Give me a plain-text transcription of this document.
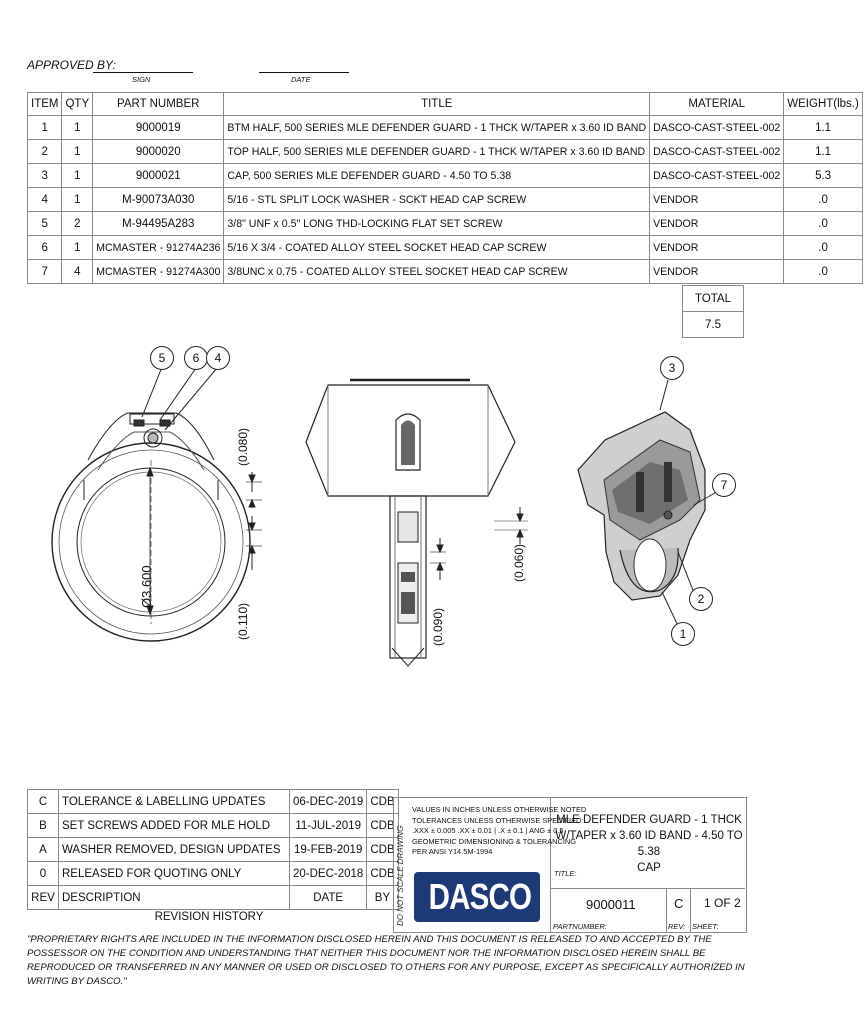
APPROVED BY:
SIGN	DATE
ITEM	QTY	PART NUMBER	TITLE	MATERIAL	WEIGHT(lbs.)
1	1	9000019	BTM HALF, 500 SERIES MLE DEFENDER GUARD - 1 THCK W/TAPER x 3.60 ID BAND	DASCO-CAST-STEEL-002	1.1
2	1	9000020	TOP HALF, 500 SERIES MLE DEFENDER GUARD - 1 THCK W/TAPER x 3.60 ID BAND	DASCO-CAST-STEEL-002	1.1
3	1	9000021	CAP, 500 SERIES MLE DEFENDER GUARD - 4.50 TO 5.38	DASCO-CAST-STEEL-002	5.3
4	1	M-90073A030	5/16 - STL SPLIT LOCK WASHER - SCKT HEAD CAP SCREW	VENDOR	.0
5	2	M-94495A283	3/8" UNF x 0.5" LONG THD-LOCKING FLAT SET SCREW	VENDOR	.0
6	1	MCMASTER - 91274A236	5/16 X 3/4 - COATED ALLOY STEEL SOCKET HEAD CAP SCREW	VENDOR	.0
7	4	MCMASTER - 91274A300	3/8UNC x 0.75 - COATED ALLOY STEEL SOCKET HEAD CAP SCREW	VENDOR	.0
TOTAL
7.5
Ø3.600
(0.080)
(0.110)	(0.090)
(0.060)
5	6	4
3
7
2
1
C	TOLERANCE & LABELLING UPDATES	06-DEC-2019	CDB
B	SET SCREWS ADDED FOR MLE HOLD	11-JUL-2019	CDB
A	WASHER REMOVED, DESIGN UPDATES	19-FEB-2019	CDB
0	RELEASED FOR QUOTING ONLY	20-DEC-2018	CDB
REV	DESCRIPTION	DATE	BY
REVISION HISTORY	DO NOT SCALE DRAWING
VALUES IN INCHES UNLESS OTHERWISE NOTED
TOLERANCES UNLESS OTHERWISE SPECIFIED:
.XXX ± 0.005 .XX ± 0.01 | .X ± 0.1 | ANG ± 0.5
GEOMETRIC DIMENSIONING & TOLERANCING
PER ANSI Y14.5M-1994
DASCO
MLE DEFENDER GUARD - 1 THCK
W/TAPER x 3.60 ID BAND - 4.50 TO 5.38
CAP
TITLE:
9000011
PARTNUMBER:
C
REV:
1 OF 2
SHEET:
"PROPRIETARY RIGHTS ARE INCLUDED IN THE INFORMATION DISCLOSED HEREIN AND THIS DOCUMENT IS RELEASED TO AND ACCEPTED BY THE POSSESSOR ON THE CONDITION AND UNDERSTANDING THAT NEITHER THIS DOCUMENT NOR THE INFORMATION DISCLOSED HEREIN SHALL BE REPRODUCED OR TRANSFERRED IN ANY MANNER OR USED OR DISCLOSED TO OTHERS FOR ANY PURPOSE, EXCEPT AS SPECIFICALLY AUTHORIZED IN WRITING BY DASCO."
